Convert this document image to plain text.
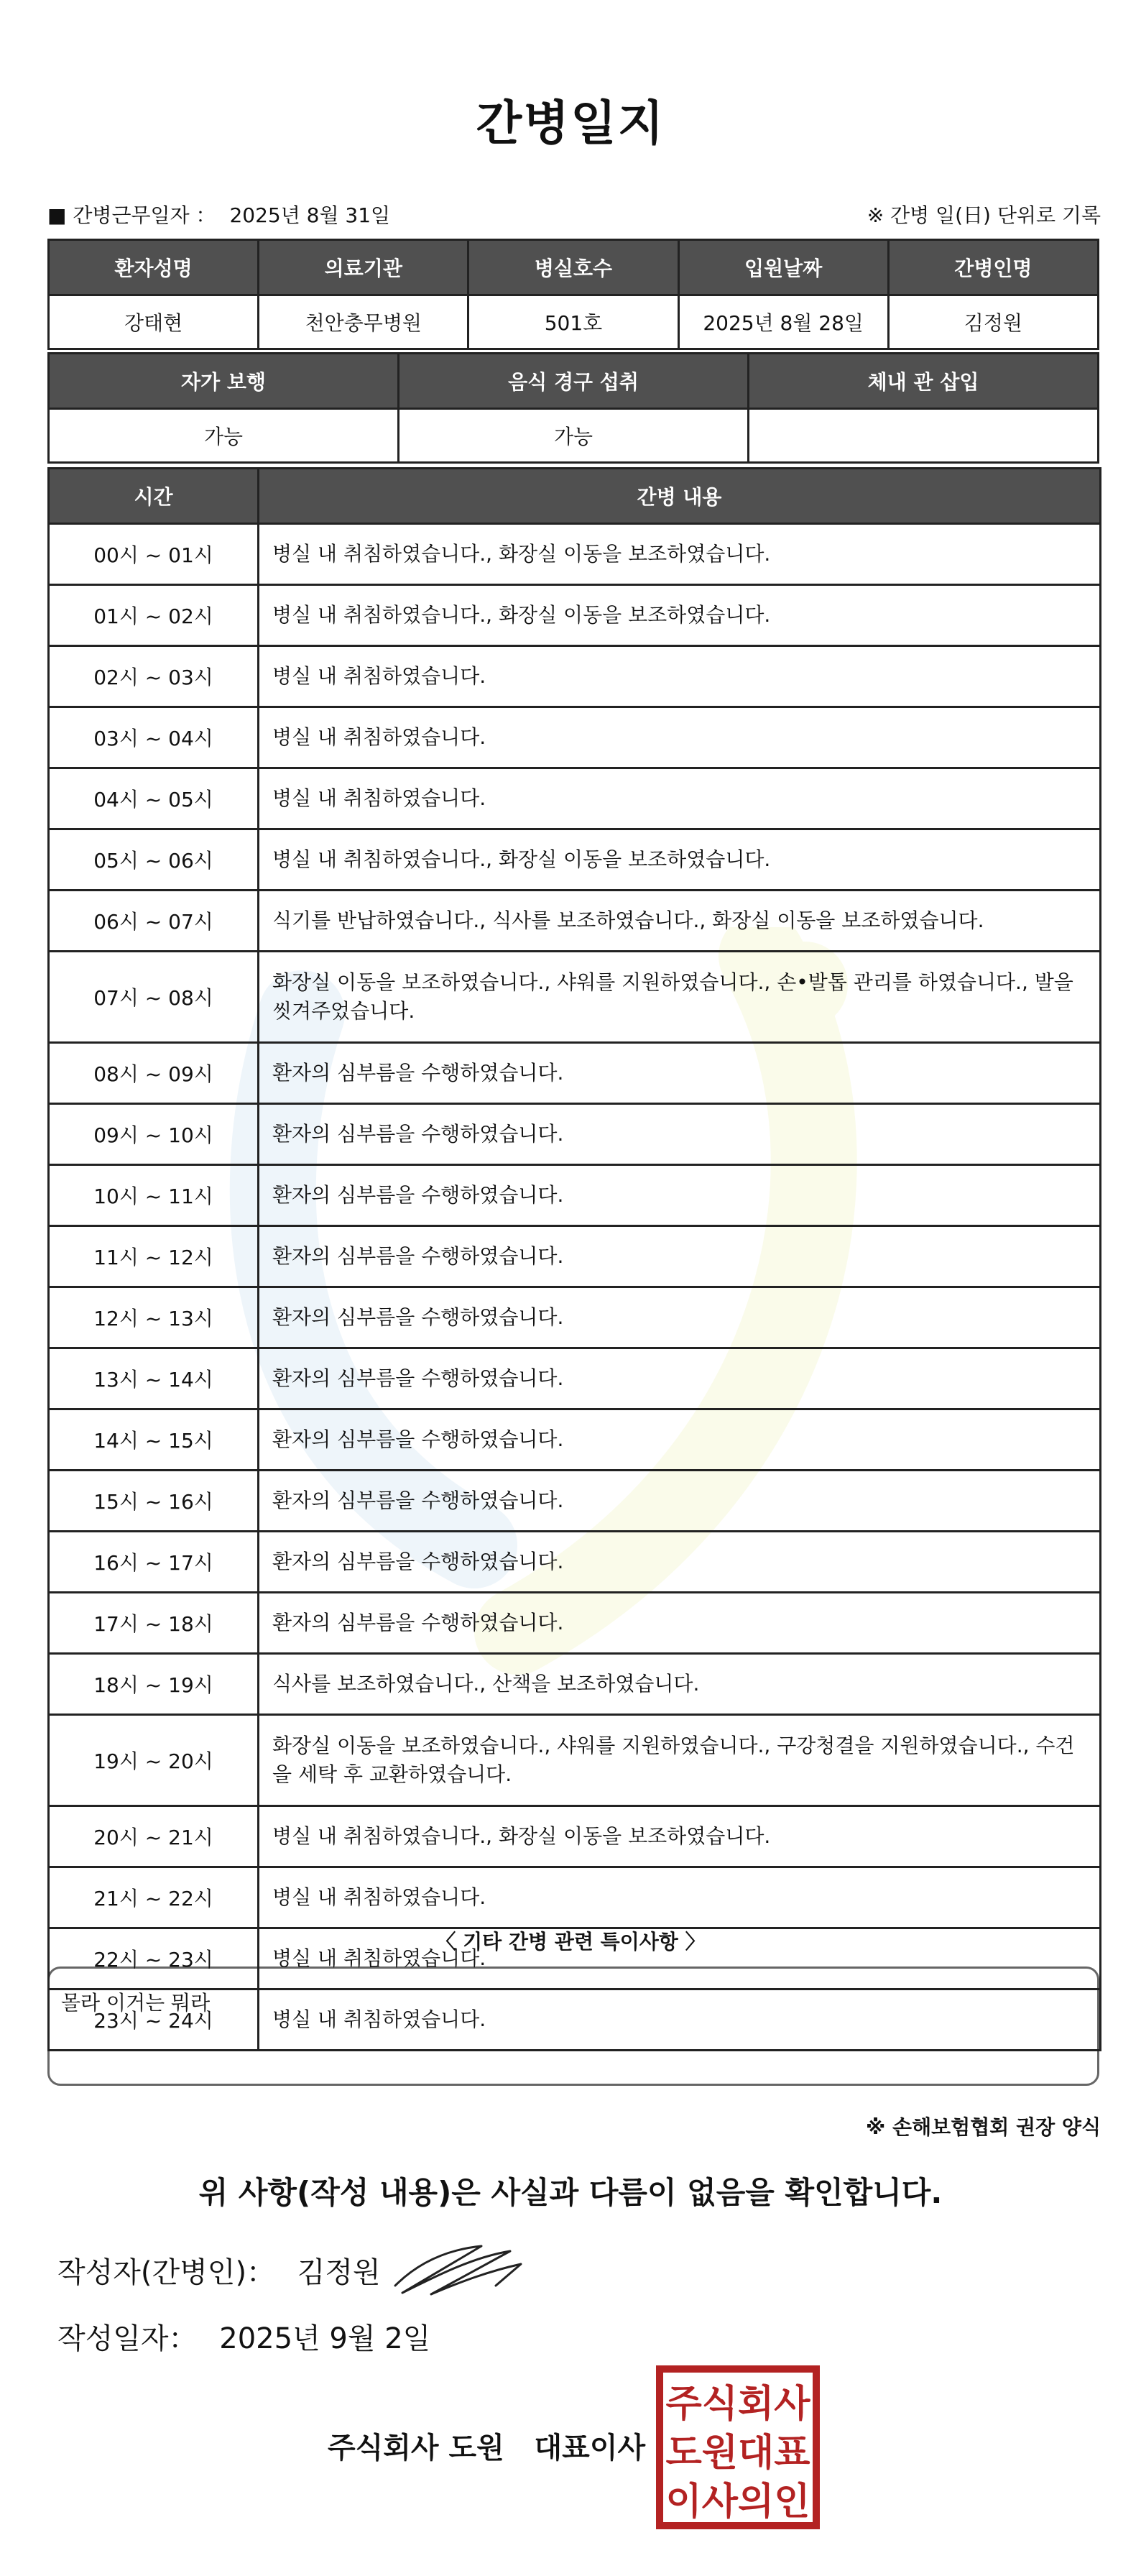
간병일지
■ 간병근무일자 ： 2025년 8월 31일	※ 간병 일(日) 단위로 기록
환자성명	의료기관	병실호수	입원날짜	간병인명
강태현	천안충무병원	501호	2025년 8월 28일	김정원
자가 보행	음식 경구 섭취	체내 관 삽입
가능	가능	
시간	간병 내용
00시 ~ 01시	병실 내 취침하였습니다., 화장실 이동을 보조하였습니다.
01시 ~ 02시	병실 내 취침하였습니다., 화장실 이동을 보조하였습니다.
02시 ~ 03시	병실 내 취침하였습니다.
03시 ~ 04시	병실 내 취침하였습니다.
04시 ~ 05시	병실 내 취침하였습니다.
05시 ~ 06시	병실 내 취침하였습니다., 화장실 이동을 보조하였습니다.
06시 ~ 07시	식기를 반납하였습니다., 식사를 보조하였습니다., 화장실 이동을 보조하였습니다.
07시 ~ 08시	화장실 이동을 보조하였습니다., 샤워를 지원하였습니다., 손•발톱 관리를 하였습니다., 발을 씻겨주었습니다.
08시 ~ 09시	환자의 심부름을 수행하였습니다.
09시 ~ 10시	환자의 심부름을 수행하였습니다.
10시 ~ 11시	환자의 심부름을 수행하였습니다.
11시 ~ 12시	환자의 심부름을 수행하였습니다.
12시 ~ 13시	환자의 심부름을 수행하였습니다.
13시 ~ 14시	환자의 심부름을 수행하였습니다.
14시 ~ 15시	환자의 심부름을 수행하였습니다.
15시 ~ 16시	환자의 심부름을 수행하였습니다.
16시 ~ 17시	환자의 심부름을 수행하였습니다.
17시 ~ 18시	환자의 심부름을 수행하였습니다.
18시 ~ 19시	식사를 보조하였습니다., 산책을 보조하였습니다.
19시 ~ 20시	화장실 이동을 보조하였습니다., 샤워를 지원하였습니다., 구강청결을 지원하였습니다., 수건을 세탁 후 교환하였습니다.
20시 ~ 21시	병실 내 취침하였습니다., 화장실 이동을 보조하였습니다.
21시 ~ 22시	병실 내 취침하였습니다.
22시 ~ 23시	병실 내 취침하였습니다.
23시 ~ 24시	병실 내 취침하였습니다.
〈 기타 간병 관련 특이사항 〉
몰라 이거는 뭐라
※ 손해보험협회 권장 양식
위 사항(작성 내용)은 사실과 다름이 없음을 확인합니다.
작성자(간병인)： 김정원
작성일자： 2025년 9월 2일
주식회사 도원   대표이사
주식회사
도원대표
이사의인
